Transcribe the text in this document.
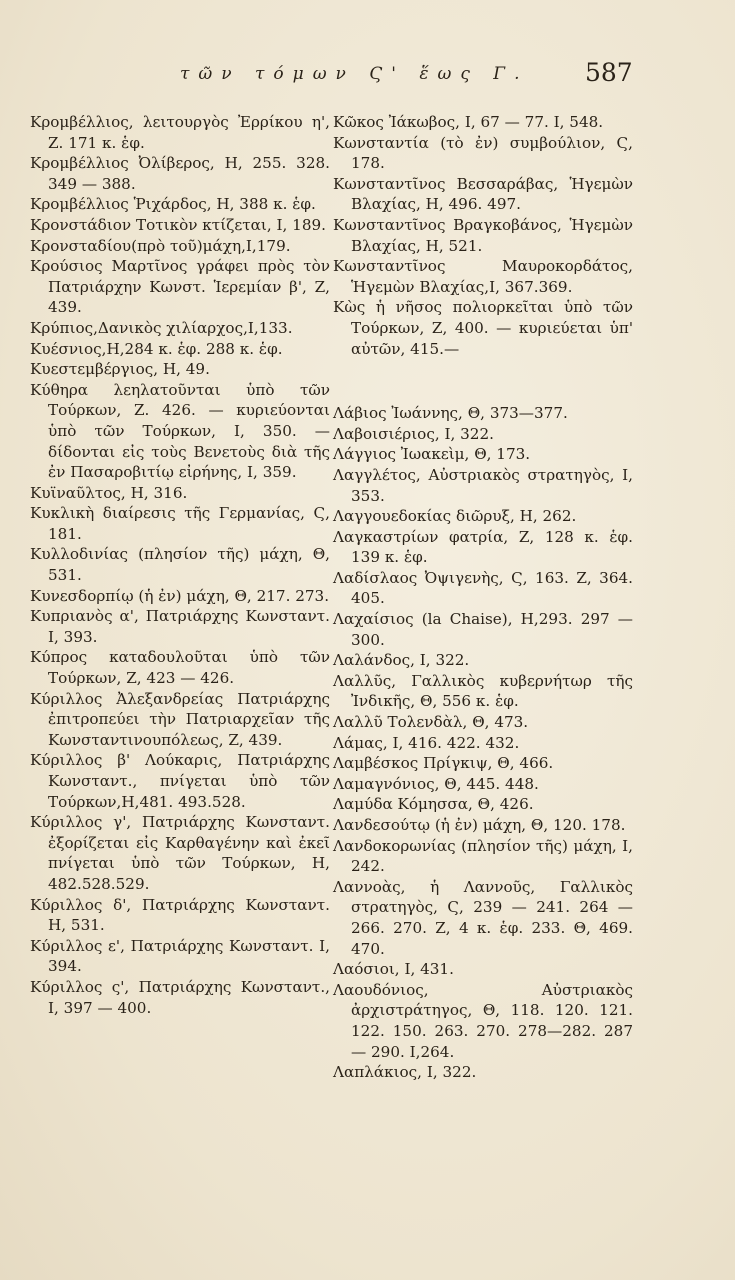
τῶν τόμων Ϛ' ἕως Γ. 587

Κρομβέλλιος, λειτουργὸς Ἐρρίκου η', Ζ. 171 κ. ἑφ.

Κρομβέλλιος Ὀλίβερος, Η, 255. 328. 349 — 388.

Κρομβέλλιος Ῥιχάρδος, Η, 388 κ. ἑφ.

Κρονστάδιον Τοτικὸν κτίζεται, Ι, 189.

Κρονσταδίου(πρὸ τοῦ)μάχη,Ι,179.

Κρούσιος Μαρτῖνος γράφει πρὸς τὸν Πατριάρχην Κωνστ. Ἱερεμίαν β', Ζ, 439.

Κρύπιος,Δανικὸς χιλίαρχος,Ι,133.

Κυέσνιος,Η,284 κ. ἑφ. 288 κ. ἑφ.

Κυεστεμβέργιος, Η, 49.

Κύθηρα λεηλατοῦνται ὑπὸ τῶν Τούρκων, Ζ. 426. — κυριεύονται ὑπὸ τῶν Τούρκων, Ι, 350. — δίδονται εἰς τοὺς Βενετοὺς διὰ τῆς ἐν Πασαροβιτίῳ εἰρήνης, Ι, 359.

Κυϊναῦλτος, Η, 316.

Κυκλικὴ διαίρεσις τῆς Γερμανίας, Ϛ, 181.

Κυλλοδινίας (πλησίον τῆς) μάχη, Θ, 531.

Κυνεσδορπίῳ (ἡ ἐν) μάχη, Θ, 217. 273.

Κυπριανὸς α', Πατριάρχης Κωνσταντ. Ι, 393.

Κύπρος καταδουλοῦται ὑπὸ τῶν Τούρκων, Ζ, 423 — 426.

Κύριλλος Ἀλεξανδρείας Πατριάρχης ἐπιτροπεύει τὴν Πατριαρχεῖαν τῆς Κωνσταντινουπόλεως, Ζ, 439.

Κύριλλος β' Λούκαρις, Πατριάρχης Κωνσταντ., πνίγεται ὑπὸ τῶν Τούρκων,Η,481. 493.528.

Κύριλλος γ', Πατριάρχης Κωνσταντ. ἐξορίζεται εἰς Καρθαγένην καὶ ἐκεῖ πνίγεται ὑπὸ τῶν Τούρκων, Η, 482.528.529.

Κύριλλος δ', Πατριάρχης Κωνσταντ. Η, 531.

Κύριλλος ε', Πατριάρχης Κωνσταντ. Ι, 394.

Κύριλλος ς', Πατριάρχης Κωνσταντ., Ι, 397 — 400.

Κῶκος Ἰάκωβος, Ι, 67 — 77. Ι, 548.

Κωνσταντία (τὸ ἐν) συμβούλιον, Ϛ, 178.

Κωνσταντῖνος Βεσσαράβας, Ἡγεμὼν Βλαχίας, Η, 496. 497.

Κωνσταντῖνος Βραγκοβάνος, Ἡγεμὼν Βλαχίας, Η, 521.

Κωνσταντῖνος Μαυροκορδάτος, Ἡγεμὼν Βλαχίας,Ι, 367.369.

Κὼς ἡ νῆσος πολιορκεῖται ὑπὸ τῶν Τούρκων, Ζ, 400. — κυριεύεται ὑπ' αὐτῶν, 415.—

Λάβιος Ἰωάννης, Θ, 373—377.

Λαβοισιέριος, Ι, 322.

Λάγγιος Ἰωακεὶμ, Θ, 173.

Λαγγλέτος, Αὐστριακὸς στρατηγὸς, Ι, 353.

Λαγγουεδοκίας διῶρυξ, Η, 262.

Λαγκαστρίων φατρία, Ζ, 128 κ. ἑφ. 139 κ. ἑφ.

Λαδίσλαος Ὀψιγενὴς, Ϛ, 163. Ζ, 364. 405.

Λαχαίσιος (la Chaise), Η,293. 297 — 300.

Λαλάνδος, Ι, 322.

Λαλλῦς, Γαλλικὸς κυβερνήτωρ τῆς Ἰνδικῆς, Θ, 556 κ. ἑφ.

Λαλλῦ Τολενδὰλ, Θ, 473.

Λάμας, Ι, 416. 422. 432.

Λαμβέσκος Πρίγκιψ, Θ, 466.

Λαμαγνόνιος, Θ, 445. 448.

Λαμύδα Κόμησσα, Θ, 426.

Λανδεσούτῳ (ἡ ἐν) μάχη, Θ, 120. 178.

Λανδοκορωνίας (πλησίον τῆς) μάχη, Ι, 242.

Λαννοὰς, ἡ Λαννοῦς, Γαλλικὸς στρατηγὸς, Ϛ, 239 — 241. 264 — 266. 270. Ζ, 4 κ. ἑφ. 233. Θ, 469. 470.

Λαόσιοι, Ι, 431.

Λαουδόνιος, Αὐστριακὸς ἀρχιστράτηγος, Θ, 118. 120. 121. 122. 150. 263. 270. 278—282. 287 — 290. Ι,264.

Λαπλάκιος, Ι, 322.
